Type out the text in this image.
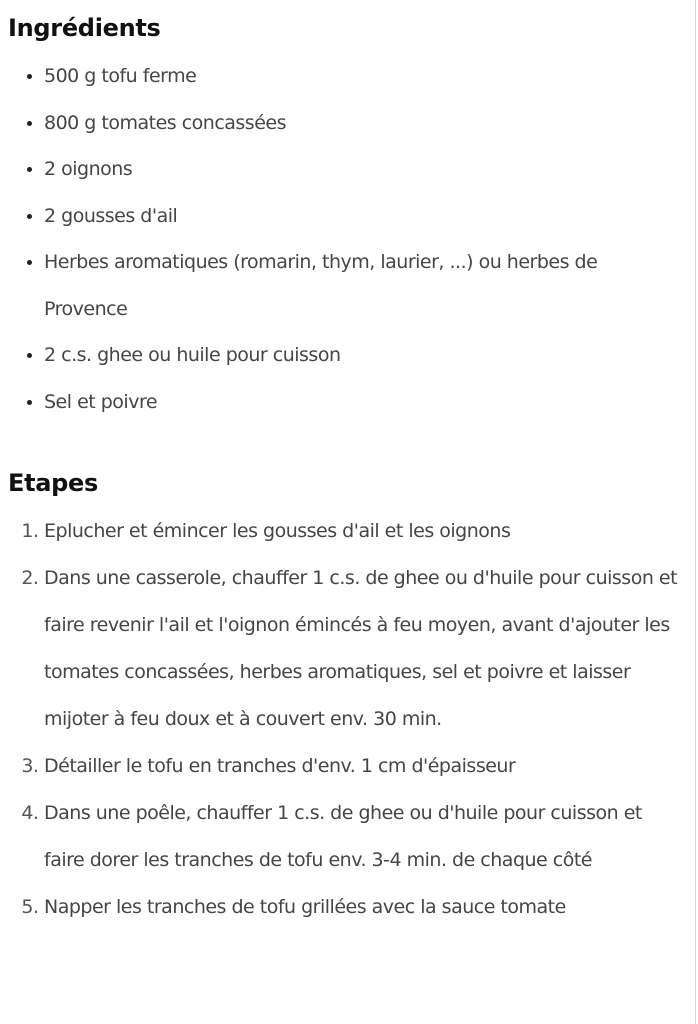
Ingrédients
• 500 g tofu ferme
• 800 g tomates concassées
• 2 oignons
• 2 gousses d'ail
• Herbes aromatiques (romarin, thym, laurier, ...) ou herbes de Provence
• 2 c.s. ghee ou huile pour cuisson
• Sel et poivre
Etapes
1. Eplucher et émincer les gousses d'ail et les oignons
2. Dans une casserole, chauffer 1 c.s. de ghee ou d'huile pour cuisson et faire revenir l'ail et l'oignon émincés à feu moyen, avant d'ajouter les tomates concassées, herbes aromatiques, sel et poivre et laisser mijoter à feu doux et à couvert env. 30 min.
3. Détailler le tofu en tranches d'env. 1 cm d'épaisseur
4. Dans une poêle, chauffer 1 c.s. de ghee ou d'huile pour cuisson et faire dorer les tranches de tofu env. 3-4 min. de chaque côté
5. Napper les tranches de tofu grillées avec la sauce tomate
